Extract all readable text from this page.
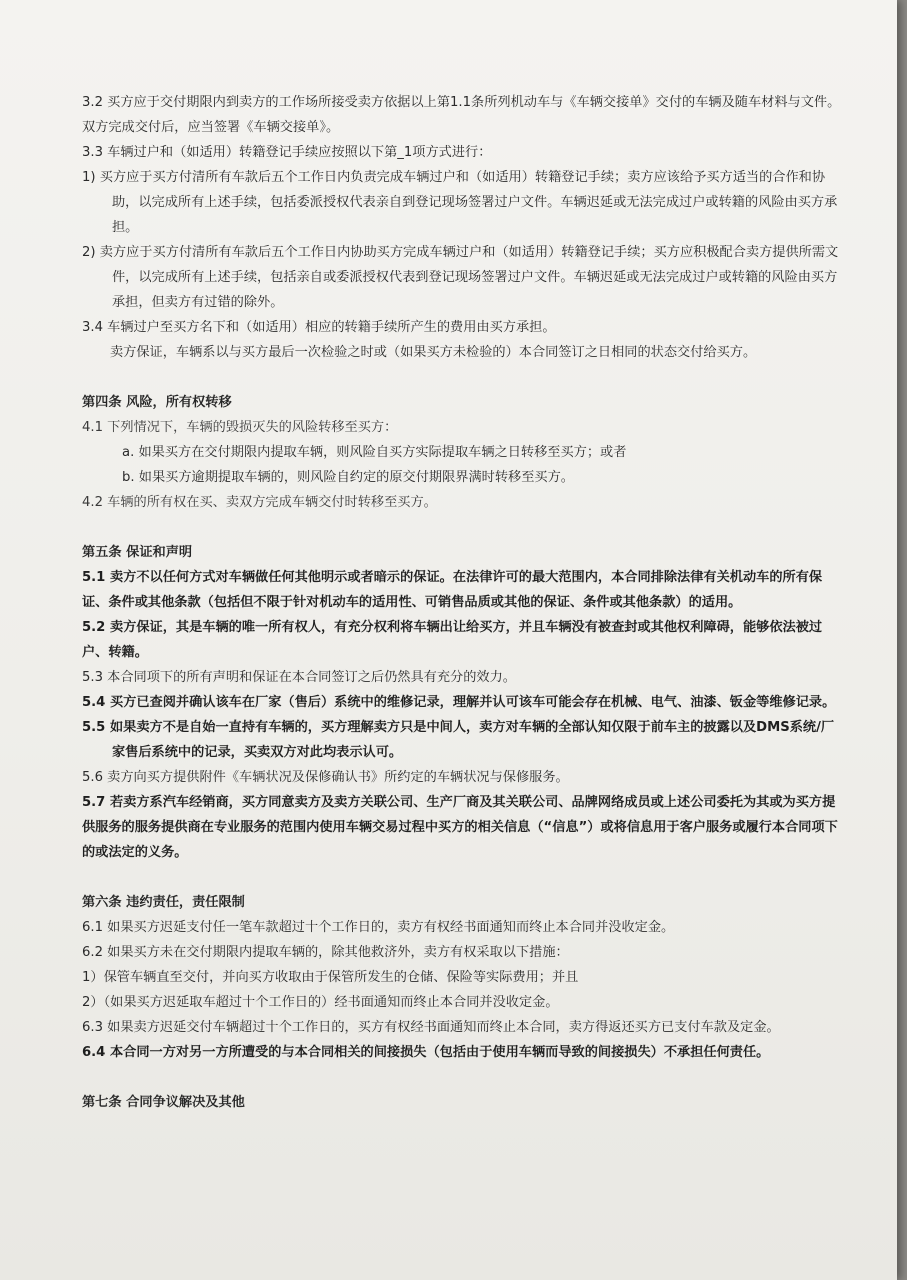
3.2 买方应于交付期限内到卖方的工作场所接受卖方依据以上第1.1条所列机动车与《车辆交接单》交付的车辆及随车材料与文件。双方完成交付后，应当签署《车辆交接单》。

3.3 车辆过户和（如适用）转籍登记手续应按照以下第_1项方式进行：

1) 买方应于买方付清所有车款后五个工作日内负责完成车辆过户和（如适用）转籍登记手续；卖方应该给予买方适当的合作和协助，以完成所有上述手续，包括委派授权代表亲自到登记现场签署过户文件。车辆迟延或无法完成过户或转籍的风险由买方承担。

2) 卖方应于买方付清所有车款后五个工作日内协助买方完成车辆过户和（如适用）转籍登记手续；买方应积极配合卖方提供所需文件，以完成所有上述手续，包括亲自或委派授权代表到登记现场签署过户文件。车辆迟延或无法完成过户或转籍的风险由买方承担，但卖方有过错的除外。

3.4 车辆过户至买方名下和（如适用）相应的转籍手续所产生的费用由买方承担。

卖方保证，车辆系以与买方最后一次检验之时或（如果买方未检验的）本合同签订之日相同的状态交付给买方。

第四条 风险，所有权转移

4.1 下列情况下，车辆的毁损灭失的风险转移至买方：

a. 如果买方在交付期限内提取车辆，则风险自买方实际提取车辆之日转移至买方；或者

b. 如果买方逾期提取车辆的，则风险自约定的原交付期限界满时转移至买方。

4.2 车辆的所有权在买、卖双方完成车辆交付时转移至买方。

第五条 保证和声明

5.1 卖方不以任何方式对车辆做任何其他明示或者暗示的保证。在法律许可的最大范围内，本合同排除法律有关机动车的所有保证、条件或其他条款（包括但不限于针对机动车的适用性、可销售品质或其他的保证、条件或其他条款）的适用。

5.2 卖方保证，其是车辆的唯一所有权人，有充分权利将车辆出让给买方，并且车辆没有被查封或其他权利障碍，能够依法被过户、转籍。

5.3 本合同项下的所有声明和保证在本合同签订之后仍然具有充分的效力。

5.4 买方已查阅并确认该车在厂家（售后）系统中的维修记录，理解并认可该车可能会存在机械、电气、油漆、钣金等维修记录。

5.5 如果卖方不是自始一直持有车辆的，买方理解卖方只是中间人，卖方对车辆的全部认知仅限于前车主的披露以及DMS系统/厂家售后系统中的记录，买卖双方对此均表示认可。

5.6 卖方向买方提供附件《车辆状况及保修确认书》所约定的车辆状况与保修服务。

5.7 若卖方系汽车经销商，买方同意卖方及卖方关联公司、生产厂商及其关联公司、品牌网络成员或上述公司委托为其或为买方提供服务的服务提供商在专业服务的范围内使用车辆交易过程中买方的相关信息（“信息”）或将信息用于客户服务或履行本合同项下的或法定的义务。

第六条 违约责任，责任限制

6.1 如果买方迟延支付任一笔车款超过十个工作日的，卖方有权经书面通知而终止本合同并没收定金。

6.2 如果买方未在交付期限内提取车辆的，除其他救济外，卖方有权采取以下措施：

1）保管车辆直至交付，并向买方收取由于保管所发生的仓储、保险等实际费用；并且

2）（如果买方迟延取车超过十个工作日的）经书面通知而终止本合同并没收定金。

6.3 如果卖方迟延交付车辆超过十个工作日的，买方有权经书面通知而终止本合同，卖方得返还买方已支付车款及定金。

6.4 本合同一方对另一方所遭受的与本合同相关的间接损失（包括由于使用车辆而导致的间接损失）不承担任何责任。

第七条 合同争议解决及其他
